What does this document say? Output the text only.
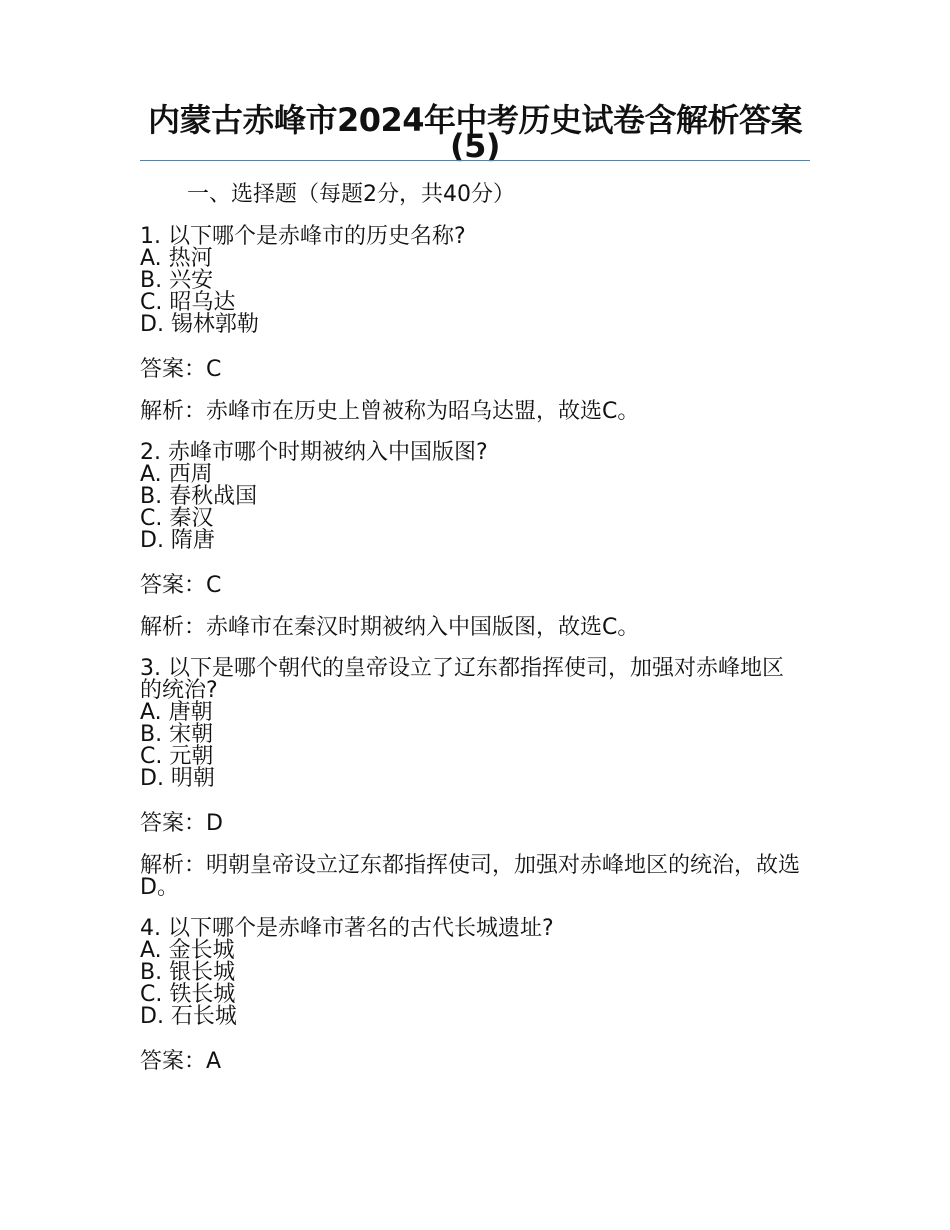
内蒙古赤峰市2024年中考历史试卷含解析答案(5)
一、选择题（每题2分，共40分）
1. 以下哪个是赤峰市的历史名称?
A. 热河
B. 兴安
C. 昭乌达
D. 锡林郭勒
答案：C
解析：赤峰市在历史上曾被称为昭乌达盟，故选C。
2. 赤峰市哪个时期被纳入中国版图?
A. 西周
B. 春秋战国
C. 秦汉
D. 隋唐
答案：C
解析：赤峰市在秦汉时期被纳入中国版图，故选C。
3. 以下是哪个朝代的皇帝设立了辽东都指挥使司，加强对赤峰地区的统治?
A. 唐朝
B. 宋朝
C. 元朝
D. 明朝
答案：D
解析：明朝皇帝设立辽东都指挥使司，加强对赤峰地区的统治，故选D。
4. 以下哪个是赤峰市著名的古代长城遗址?
A. 金长城
B. 银长城
C. 铁长城
D. 石长城
答案：A
